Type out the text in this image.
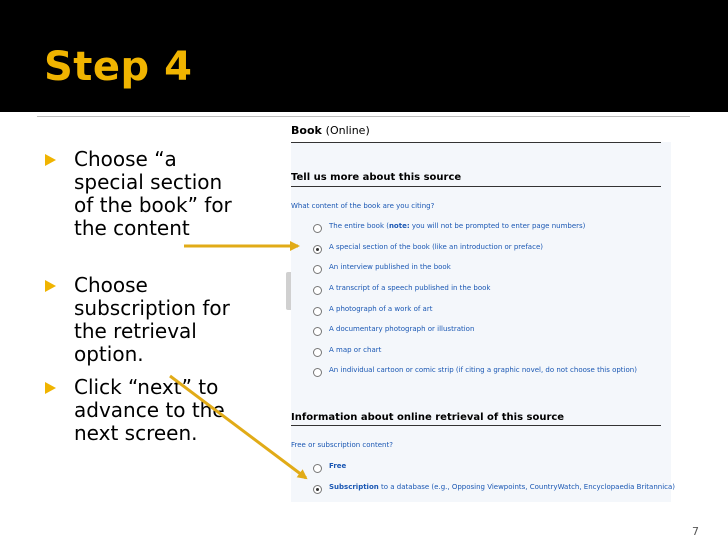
Step 4
Choose “a
special section
of the book” for
the content
Choose
subscription for
the retrieval
option.
Click “next” to
advance to the
next screen.
Book (Online)
Tell us more about this source
What content of the book are you citing?
The entire book (note: you will not be prompted to enter page numbers)
A special section of the book (like an introduction or preface)
An interview published in the book
A transcript of a speech published in the book
A photograph of a work of art
A documentary photograph or illustration
A map or chart
An individual cartoon or comic strip (if citing a graphic novel, do not choose this option)
Information about online retrieval of this source
Free or subscription content?
Free
Subscription to a database (e.g., Opposing Viewpoints, CountryWatch, Encyclopaedia Britannica)
7
